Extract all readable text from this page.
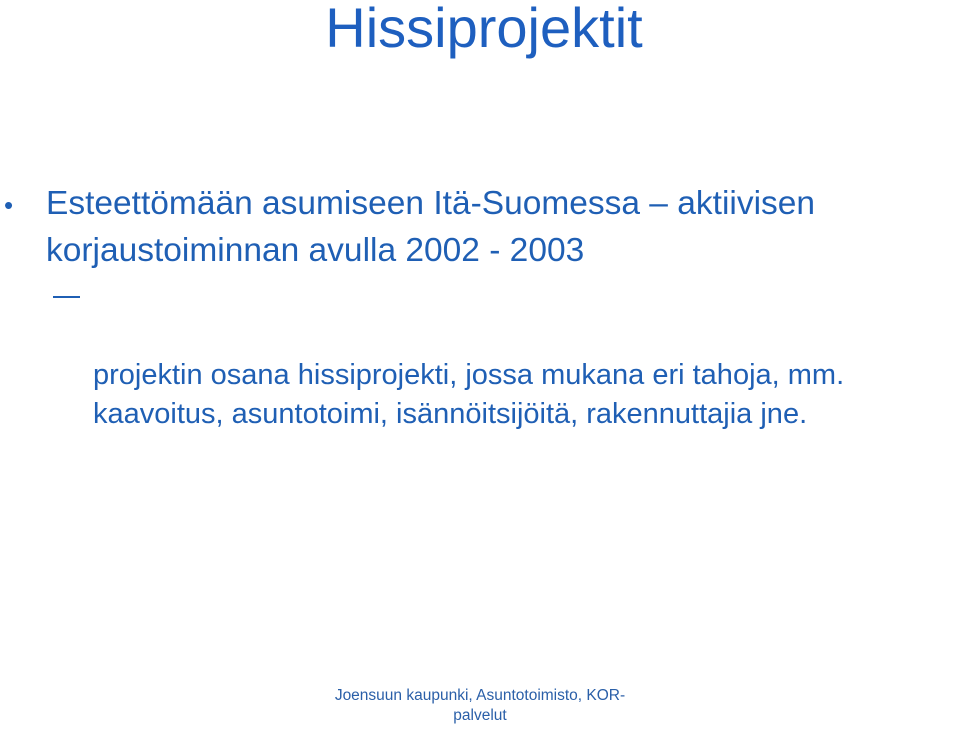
Hissiprojektit
• Esteettömään asumiseen Itä-Suomessa – aktiivisen korjaustoiminnan avulla 2002 - 2003

projektin osana hissiprojekti, jossa mukana eri tahoja, mm. kaavoitus, asuntotoimi, isännöitsijöitä, rakennuttajia jne.

Joensuun kaupunki, Asuntotoimisto, KOR-palvelut
